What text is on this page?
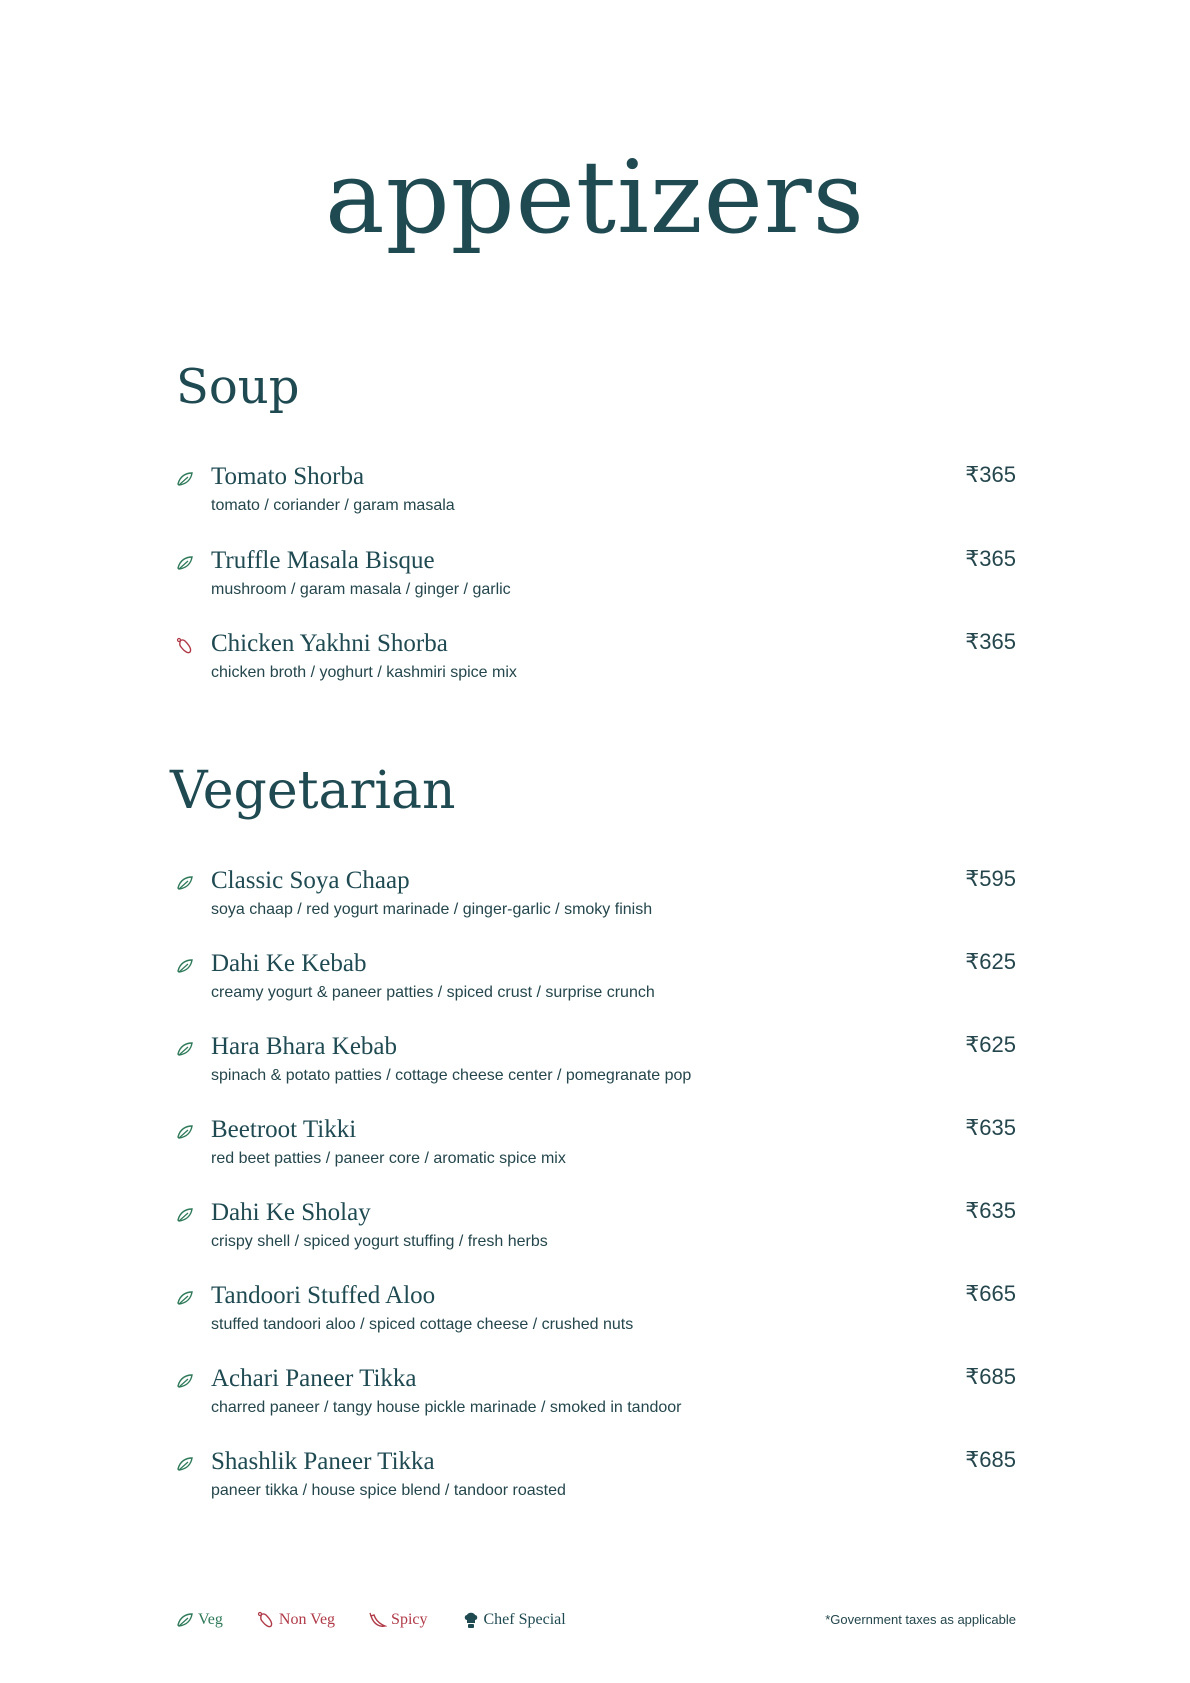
appetizers
Soup
Tomato Shorba
tomato / coriander / garam masala
₹365
Truffle Masala Bisque
mushroom / garam masala / ginger / garlic
₹365
Chicken Yakhni Shorba
chicken broth / yoghurt / kashmiri spice mix
₹365
Vegetarian
Classic Soya Chaap
soya chaap / red yogurt marinade / ginger-garlic / smoky finish
₹595
Dahi Ke Kebab
creamy yogurt & paneer patties / spiced crust / surprise crunch
₹625
Hara Bhara Kebab
spinach & potato patties / cottage cheese center / pomegranate pop
₹625
Beetroot Tikki
red beet patties / paneer core / aromatic spice mix
₹635
Dahi Ke Sholay
crispy shell / spiced yogurt stuffing / fresh herbs
₹635
Tandoori Stuffed Aloo
stuffed tandoori aloo / spiced cottage cheese / crushed nuts
₹665
Achari Paneer Tikka
charred paneer / tangy house pickle marinade / smoked in tandoor
₹685
Shashlik Paneer Tikka
paneer tikka / house spice blend / tandoor roasted
₹685
Veg	Non Veg	Spicy	Chef Special	*Government taxes as applicable
